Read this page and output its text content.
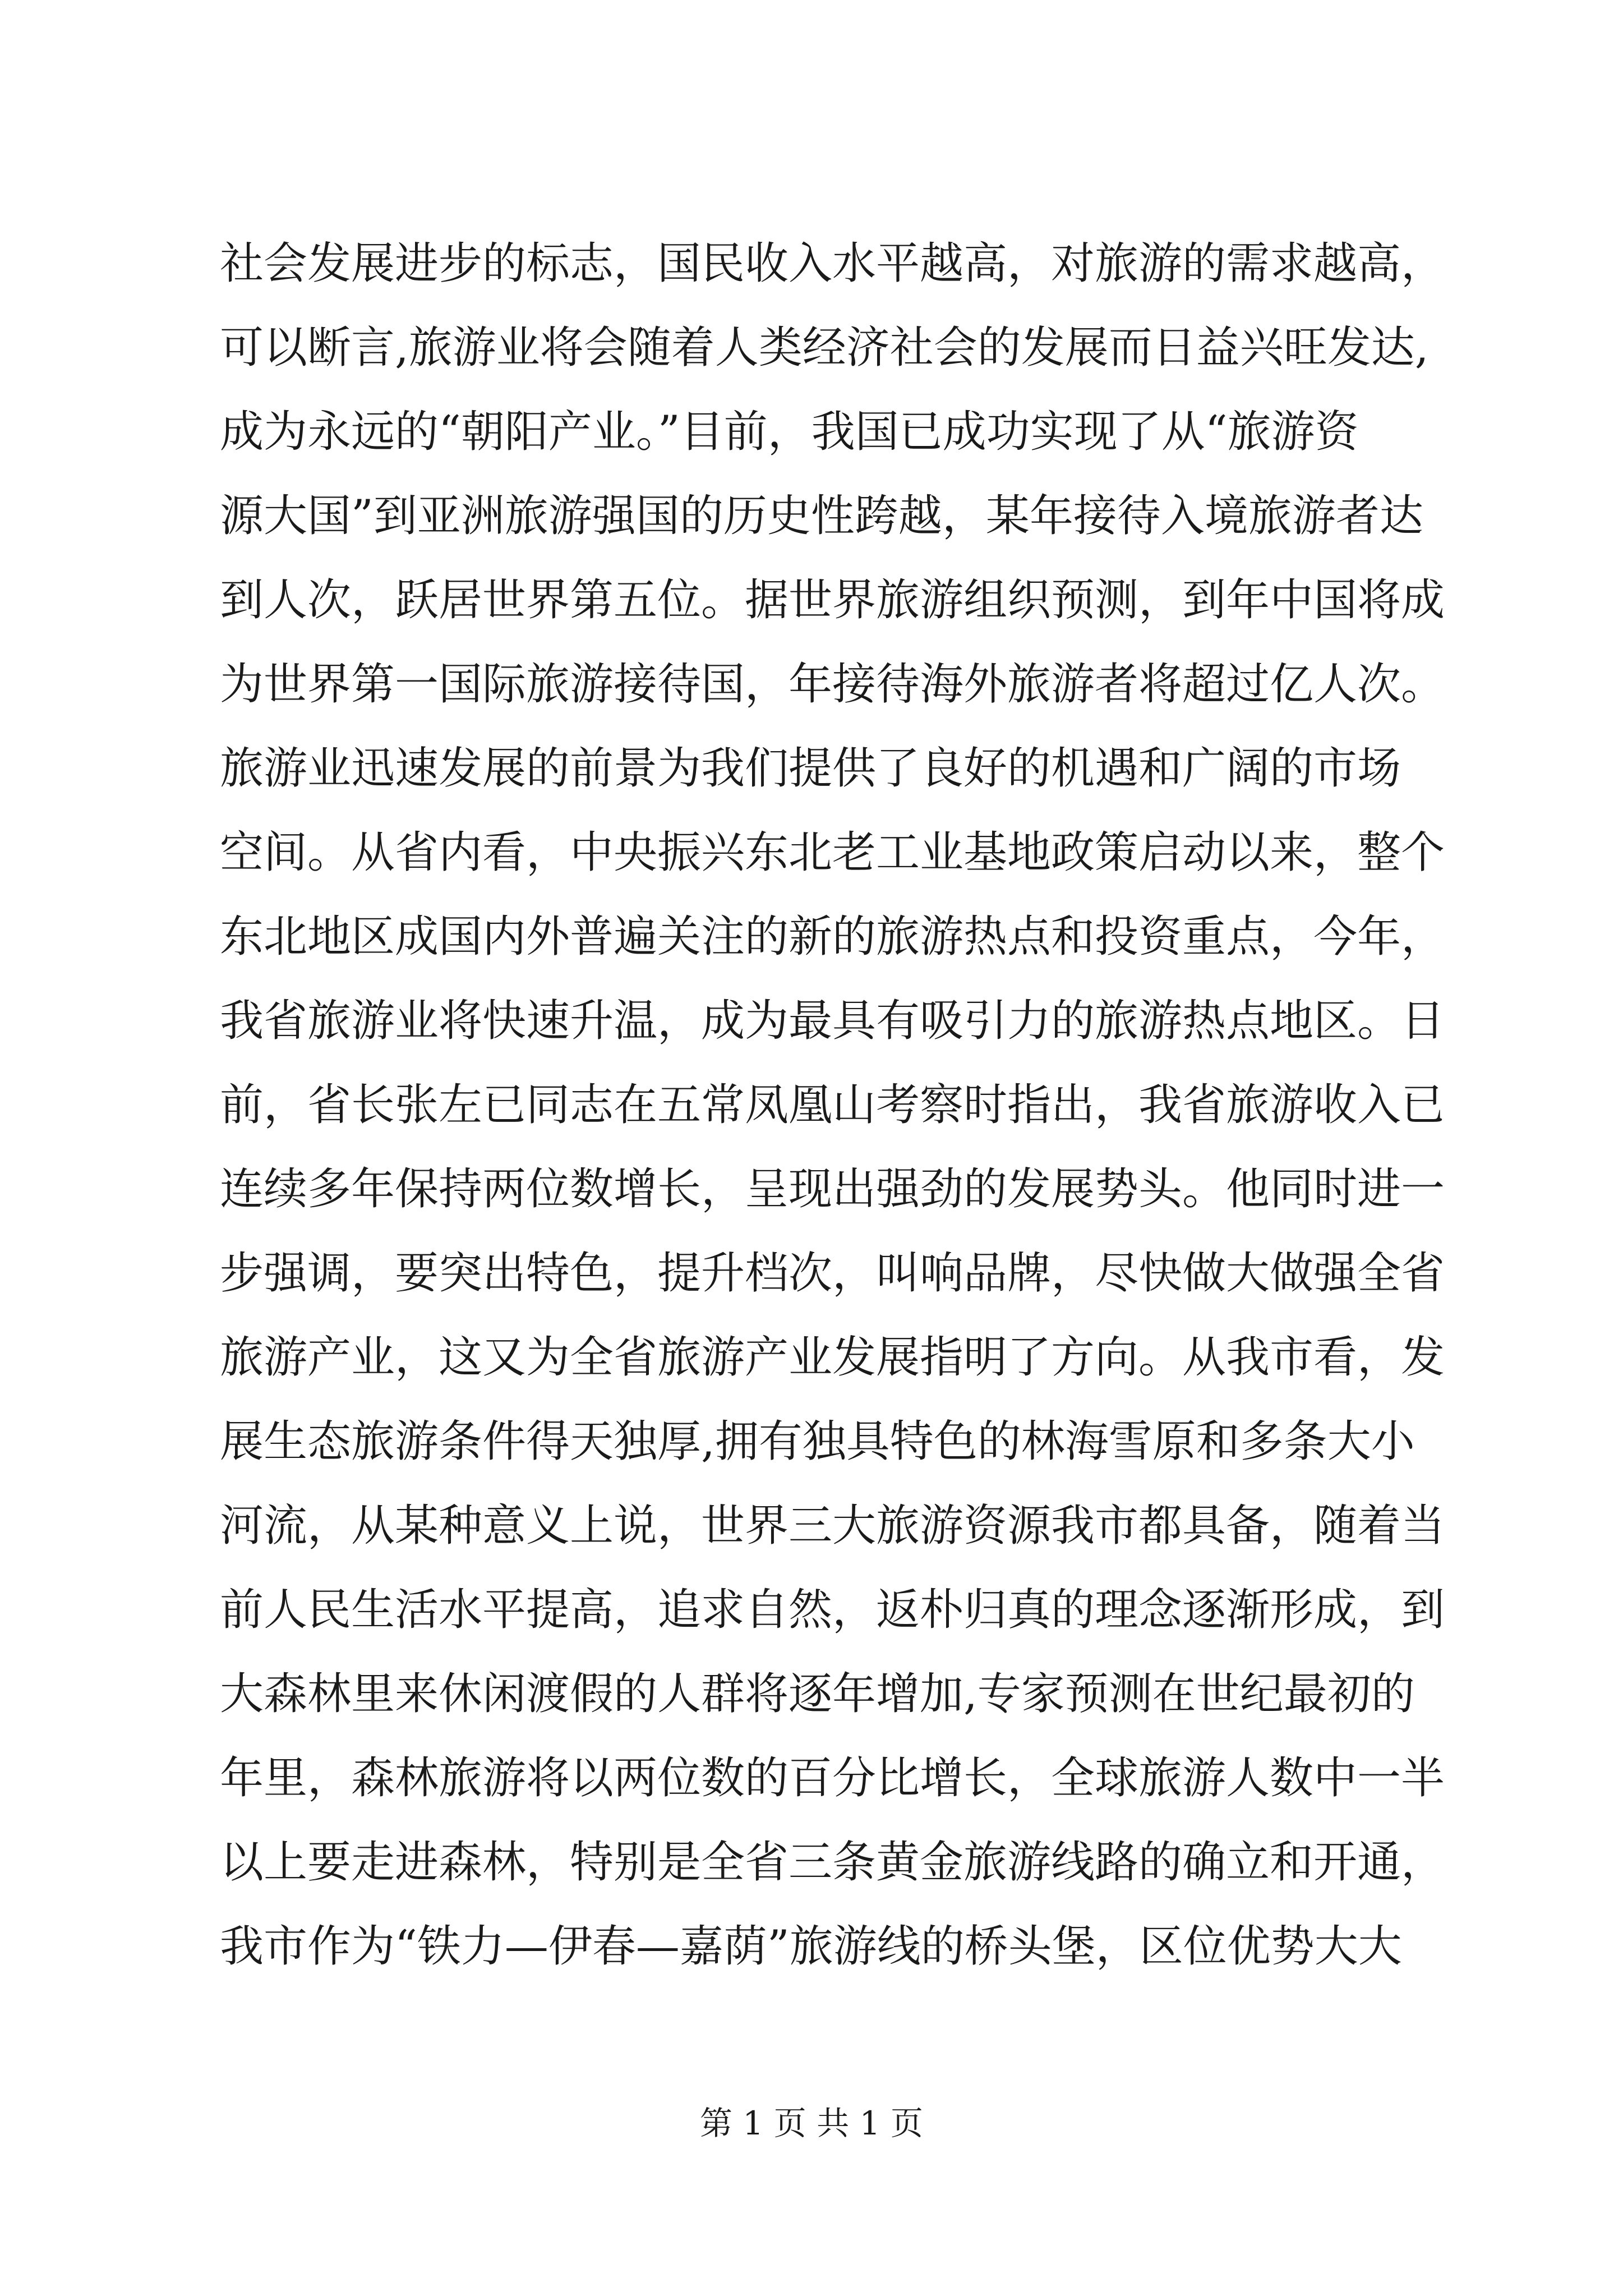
社会发展进步的标志，国民收入水平越高，对旅游的需求越高，
可以断言,旅游业将会随着人类经济社会的发展而日益兴旺发达,
成为永远的“朝阳产业。”目前，我国已成功实现了从“旅游资
源大国”到亚洲旅游强国的历史性跨越，某年接待入境旅游者达
到人次，跃居世界第五位。据世界旅游组织预测，到年中国将成
为世界第一国际旅游接待国，年接待海外旅游者将超过亿人次。
旅游业迅速发展的前景为我们提供了良好的机遇和广阔的市场
空间。从省内看，中央振兴东北老工业基地政策启动以来，整个
东北地区成国内外普遍关注的新的旅游热点和投资重点，今年，
我省旅游业将快速升温，成为最具有吸引力的旅游热点地区。日
前，省长张左已同志在五常凤凰山考察时指出，我省旅游收入已
连续多年保持两位数增长，呈现出强劲的发展势头。他同时进一
步强调，要突出特色，提升档次，叫响品牌，尽快做大做强全省
旅游产业，这又为全省旅游产业发展指明了方向。从我市看，发
展生态旅游条件得天独厚,拥有独具特色的林海雪原和多条大小
河流，从某种意义上说，世界三大旅游资源我市都具备，随着当
前人民生活水平提高，追求自然，返朴归真的理念逐渐形成，到
大森林里来休闲渡假的人群将逐年增加,专家预测在世纪最初的
年里，森林旅游将以两位数的百分比增长，全球旅游人数中一半
以上要走进森林，特别是全省三条黄金旅游线路的确立和开通，
我市作为“铁力—伊春—嘉荫”旅游线的桥头堡，区位优势大大
第 1 页 共 1 页
